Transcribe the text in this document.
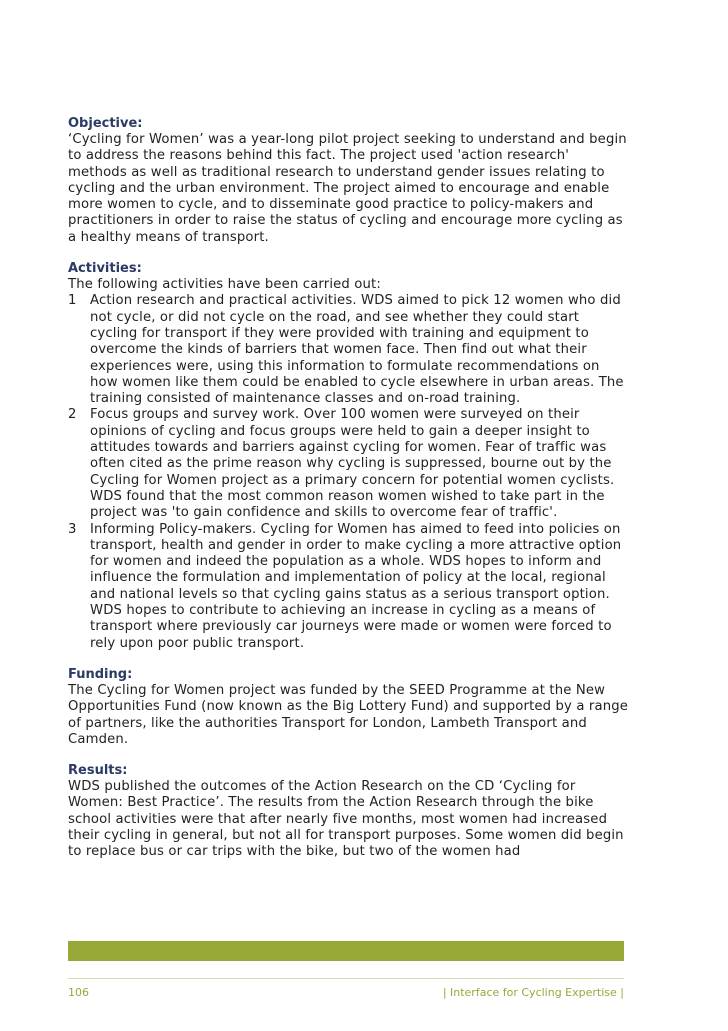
Objective:

‘Cycling for Women’ was a year-long pilot project seeking to understand and begin to address the reasons behind this fact. The project used 'action research' methods as well as traditional research to understand gender issues relating to cycling and the urban environment. The project aimed to encourage and enable more women to cycle, and to disseminate good practice to policy-makers and practitioners in order to raise the status of cycling and encourage more cycling as a healthy means of transport.

Activities:

The following activities have been carried out:

1 Action research and practical activities. WDS aimed to pick 12 women who did not cycle, or did not cycle on the road, and see whether they could start cycling for transport if they were provided with training and equipment to overcome the kinds of barriers that women face. Then find out what their experiences were, using this information to formulate recommendations on how women like them could be enabled to cycle elsewhere in urban areas. The training consisted of maintenance classes and on-road training.
2 Focus groups and survey work. Over 100 women were surveyed on their opinions of cycling and focus groups were held to gain a deeper insight to attitudes towards and barriers against cycling for women. Fear of traffic was often cited as the prime reason why cycling is suppressed, bourne out by the Cycling for Women project as a primary concern for potential women cyclists. WDS found that the most common reason women wished to take part in the project was 'to gain confidence and skills to overcome fear of traffic'.
3 Informing Policy-makers. Cycling for Women has aimed to feed into policies on transport, health and gender in order to make cycling a more attractive option for women and indeed the population as a whole. WDS hopes to inform and influence the formulation and implementation of policy at the local, regional and national levels so that cycling gains status as a serious transport option. WDS hopes to contribute to achieving an increase in cycling as a means of transport where previously car journeys were made or women were forced to rely upon poor public transport.

Funding:

The Cycling for Women project was funded by the SEED Programme at the New Opportunities Fund (now known as the Big Lottery Fund) and supported by a range of partners, like the authorities Transport for London, Lambeth Transport and Camden.

Results:

WDS published the outcomes of the Action Research on the CD ‘Cycling for Women: Best Practice’. The results from the Action Research through the bike school activities were that after nearly five months, most women had increased their cycling in general, but not all for transport purposes. Some women did begin to replace bus or car trips with the bike, but two of the women had

106	| Interface for Cycling Expertise |
